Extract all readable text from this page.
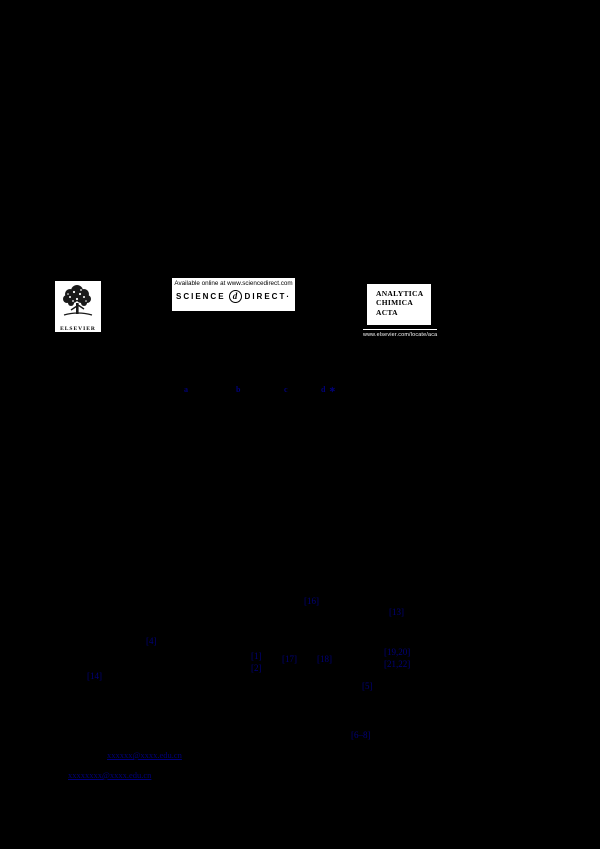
ELSEVIER
Available online at www.sciencedirect.com
SCIENCE d DIRECT·	ANALYTICA
CHIMICA
ACTA
www.elsevier.com/locate/aca
a	b	c	d ∗
[16]
[13]
[4]
[1]
[2]
[17] [18]
[19,20]
[21,22]
[14]
[5]
[6–8]
xxxxxx@xxxx.edu.cn
xxxxxxxx@xxxx.edu.cn
